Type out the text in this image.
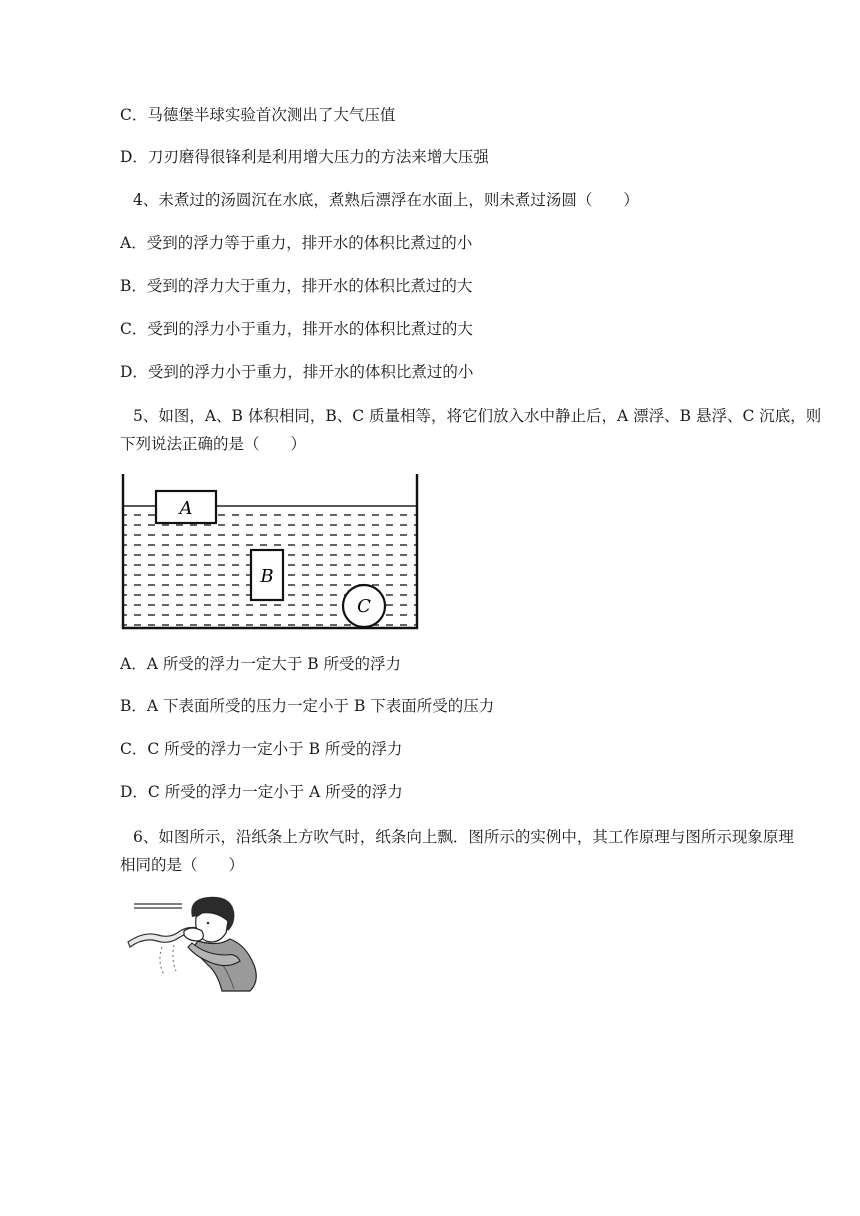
C．马德堡半球实验首次测出了大气压值
D．刀刃磨得很锋利是利用增大压力的方法来增大压强
4、未煮过的汤圆沉在水底，煮熟后漂浮在水面上，则未煮过汤圆（　　）
A．受到的浮力等于重力，排开水的体积比煮过的小
B．受到的浮力大于重力，排开水的体积比煮过的大
C．受到的浮力小于重力，排开水的体积比煮过的大
D．受到的浮力小于重力，排开水的体积比煮过的小
5、如图，A、B 体积相同，B、C 质量相等，将它们放入水中静止后，A 漂浮、B 悬浮、C 沉底，则
下列说法正确的是（　　）
A
B
C
A．A 所受的浮力一定大于 B 所受的浮力
B．A 下表面所受的压力一定小于 B 下表面所受的压力
C．C 所受的浮力一定小于 B 所受的浮力
D．C 所受的浮力一定小于 A 所受的浮力
6、如图所示，沿纸条上方吹气时，纸条向上飘．图所示的实例中，其工作原理与图所示现象原理
相同的是（　　）
